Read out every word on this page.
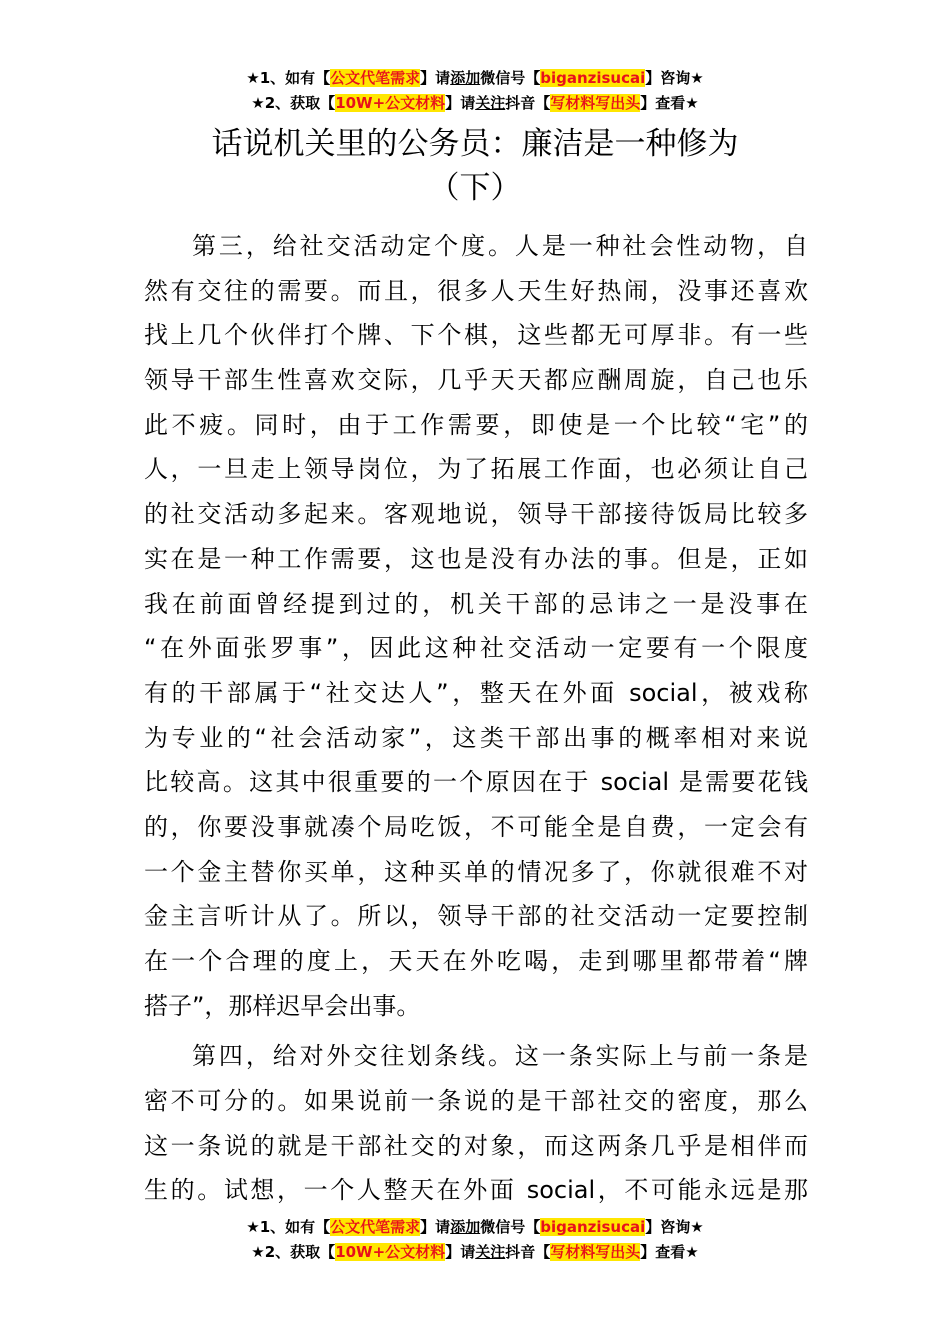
★1、如有【公文代笔需求】请添加微信号【biganzisucai】咨询★
★2、获取【10W+公文材料】请关注抖音【写材料写出头】查看★
话说机关里的公务员：廉洁是一种修为
（下）
第三，给社交活动定个度。人是一种社会性动物，自
然有交往的需要。而且，很多人天生好热闹，没事还喜欢
找上几个伙伴打个牌、下个棋，这些都无可厚非。有一些
领导干部生性喜欢交际，几乎天天都应酬周旋，自己也乐
此不疲。同时，由于工作需要，即使是一个比较“宅”的
人，一旦走上领导岗位，为了拓展工作面，也必须让自己
的社交活动多起来。客观地说，领导干部接待饭局比较多
实在是一种工作需要，这也是没有办法的事。但是，正如
我在前面曾经提到过的，机关干部的忌讳之一是没事在
“在外面张罗事”，因此这种社交活动一定要有一个限度
有的干部属于“社交达人”，整天在外面 social，被戏称
为专业的“社会活动家”，这类干部出事的概率相对来说
比较高。这其中很重要的一个原因在于 social 是需要花钱
的，你要没事就凑个局吃饭，不可能全是自费，一定会有
一个金主替你买单，这种买单的情况多了，你就很难不对
金主言听计从了。所以，领导干部的社交活动一定要控制
在一个合理的度上，天天在外吃喝，走到哪里都带着“牌
搭子”，那样迟早会出事。
第四，给对外交往划条线。这一条实际上与前一条是
密不可分的。如果说前一条说的是干部社交的密度，那么
这一条说的就是干部社交的对象，而这两条几乎是相伴而
生的。试想，一个人整天在外面 social，不可能永远是那
★1、如有【公文代笔需求】请添加微信号【biganzisucai】咨询★
★2、获取【10W+公文材料】请关注抖音【写材料写出头】查看★
